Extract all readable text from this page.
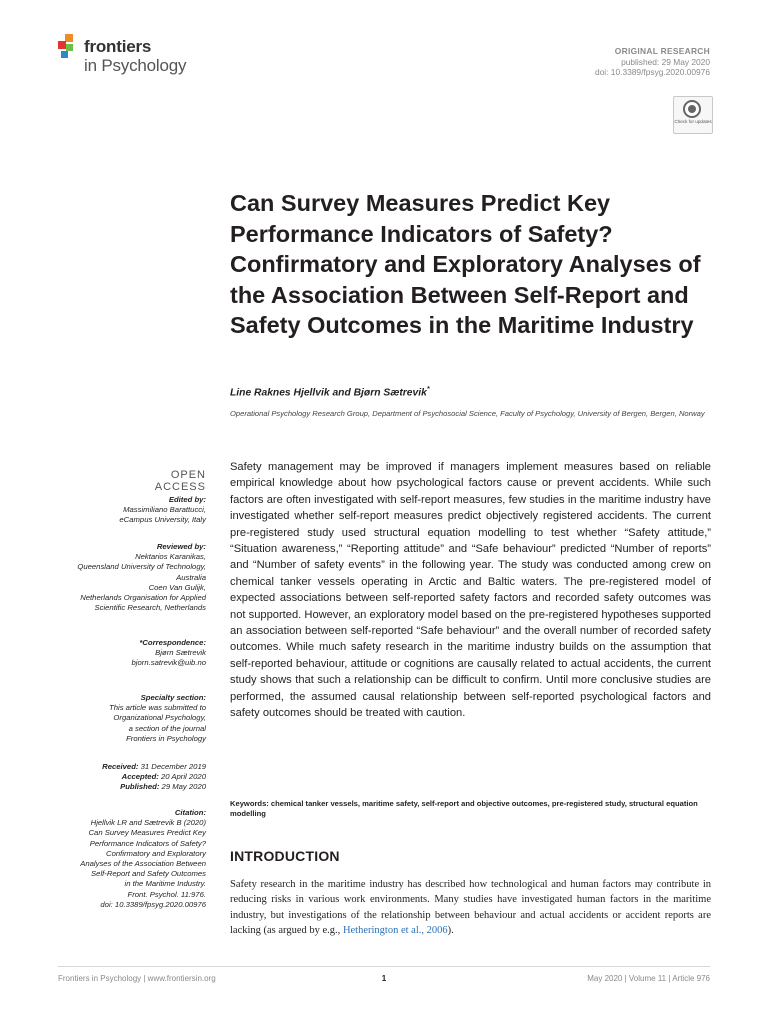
frontiers
in Psychology
ORIGINAL RESEARCH
published: 29 May 2020
doi: 10.3389/fpsyg.2020.00976
Check for updates
Can Survey Measures Predict Key Performance Indicators of Safety? Confirmatory and Exploratory Analyses of the Association Between Self-Report and Safety Outcomes in the Maritime Industry
Line Raknes Hjellvik and Bjørn Sætrevik*
Operational Psychology Research Group, Department of Psychosocial Science, Faculty of Psychology, University of Bergen, Bergen, Norway
OPEN ACCESS
Edited by:
Massimiliano Barattucci,
eCampus University, Italy
Reviewed by:
Nektarios Karanikas,
Queensland University of Technology,
Australia
Coen Van Gulijk,
Netherlands Organisation for Applied
Scientific Research, Netherlands
*Correspondence:
Bjørn Sætrevik
bjorn.satrevik@uib.no
Specialty section:
This article was submitted to
Organizational Psychology,
a section of the journal
Frontiers in Psychology
Received: 31 December 2019
Accepted: 20 April 2020
Published: 29 May 2020
Citation:
Hjellvik LR and Sætrevik B (2020)
Can Survey Measures Predict Key
Performance Indicators of Safety?
Confirmatory and Exploratory
Analyses of the Association Between
Self-Report and Safety Outcomes
in the Maritime Industry.
Front. Psychol. 11:976.
doi: 10.3389/fpsyg.2020.00976
Safety management may be improved if managers implement measures based on reliable empirical knowledge about how psychological factors cause or prevent accidents. While such factors are often investigated with self-report measures, few studies in the maritime industry have investigated whether self-report measures predict objectively registered accidents. The current pre-registered study used structural equation modelling to test whether “Safety attitude,” “Situation awareness,” “Reporting attitude” and “Safe behaviour” predicted “Number of reports” and “Number of safety events” in the following year. The study was conducted among crew on chemical tanker vessels operating in Arctic and Baltic waters. The pre-registered model of expected associations between self-reported safety factors and recorded safety outcomes was not supported. However, an exploratory model based on the pre-registered hypotheses supported an association between self-reported “Safe behaviour” and the overall number of recorded safety outcomes. While much safety research in the maritime industry builds on the assumption that self-reported behaviour, attitude or cognitions are causally related to actual accidents, the current study shows that such a relationship can be difficult to confirm. Until more conclusive studies are performed, the assumed causal relationship between self-reported psychological factors and safety outcomes should be treated with caution.
Keywords: chemical tanker vessels, maritime safety, self-report and objective outcomes, pre-registered study, structural equation modelling
INTRODUCTION
Safety research in the maritime industry has described how technological and human factors may contribute in reducing risks in various work environments. Many studies have investigated human factors in the maritime industry, but investigations of the relationship between behaviour and actual accidents or accident reports are lacking (as argued by e.g., Hetherington et al., 2006).
Frontiers in Psychology | www.frontiersin.org	1	May 2020 | Volume 11 | Article 976
